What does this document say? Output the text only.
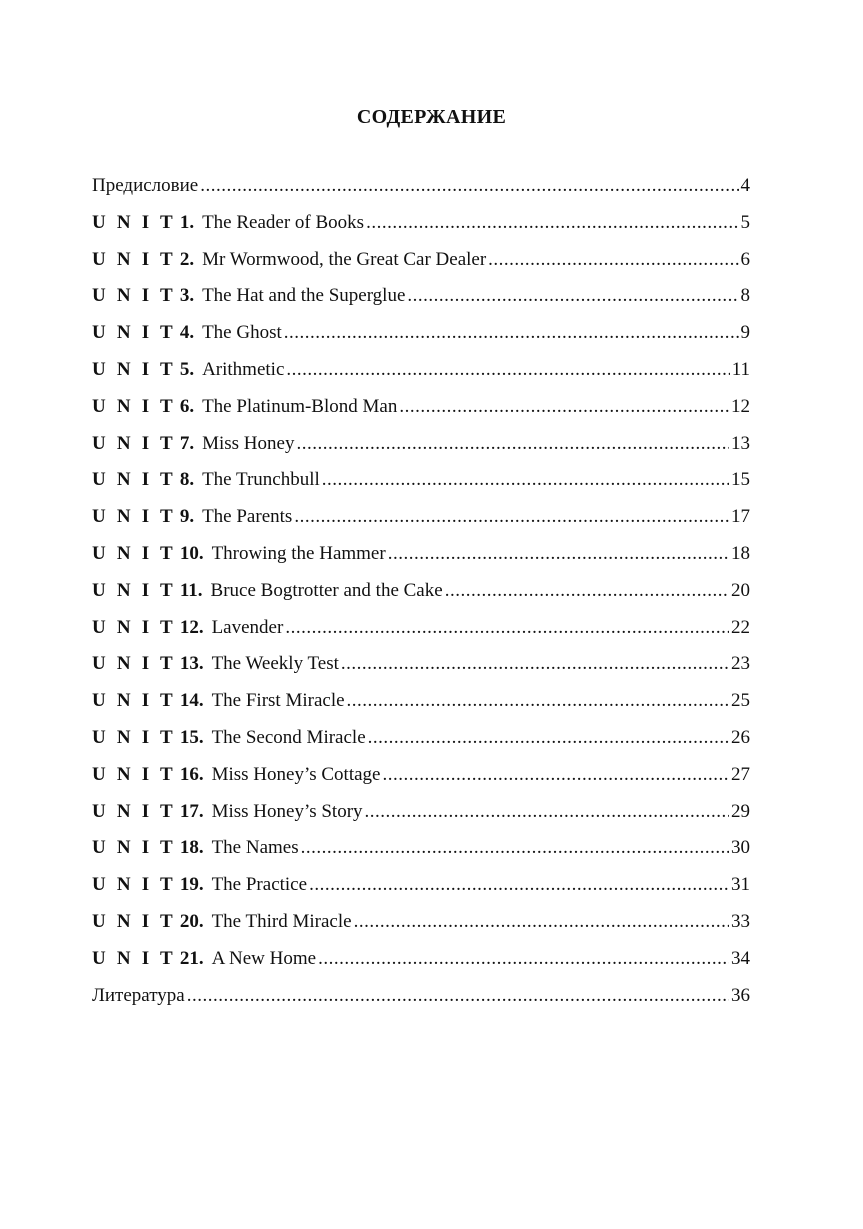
СОДЕРЖАНИЕ
Предисловие .....	4
U N I T 1. The Reader of Books .....	5
U N I T 2. Mr Wormwood, the Great Car Dealer .....	6
U N I T 3. The Hat and the Superglue .....	8
U N I T 4. The Ghost .....	9
U N I T 5. Arithmetic .....	11
U N I T 6. The Platinum-Blond Man .....	12
U N I T 7. Miss Honey .....	13
U N I T 8. The Trunchbull .....	15
U N I T 9. The Parents .....	17
U N I T 10. Throwing the Hammer .....	18
U N I T 11. Bruce Bogtrotter and the Cake .....	20
U N I T 12. Lavender .....	22
U N I T 13. The Weekly Test .....	23
U N I T 14. The First Miracle .....	25
U N I T 15. The Second Miracle .....	26
U N I T 16. Miss Honey’s Cottage .....	27
U N I T 17. Miss Honey’s Story .....	29
U N I T 18. The Names .....	30
U N I T 19. The Practice .....	31
U N I T 20. The Third Miracle .....	33
U N I T 21. A New Home .....	34
Литература .....	36
